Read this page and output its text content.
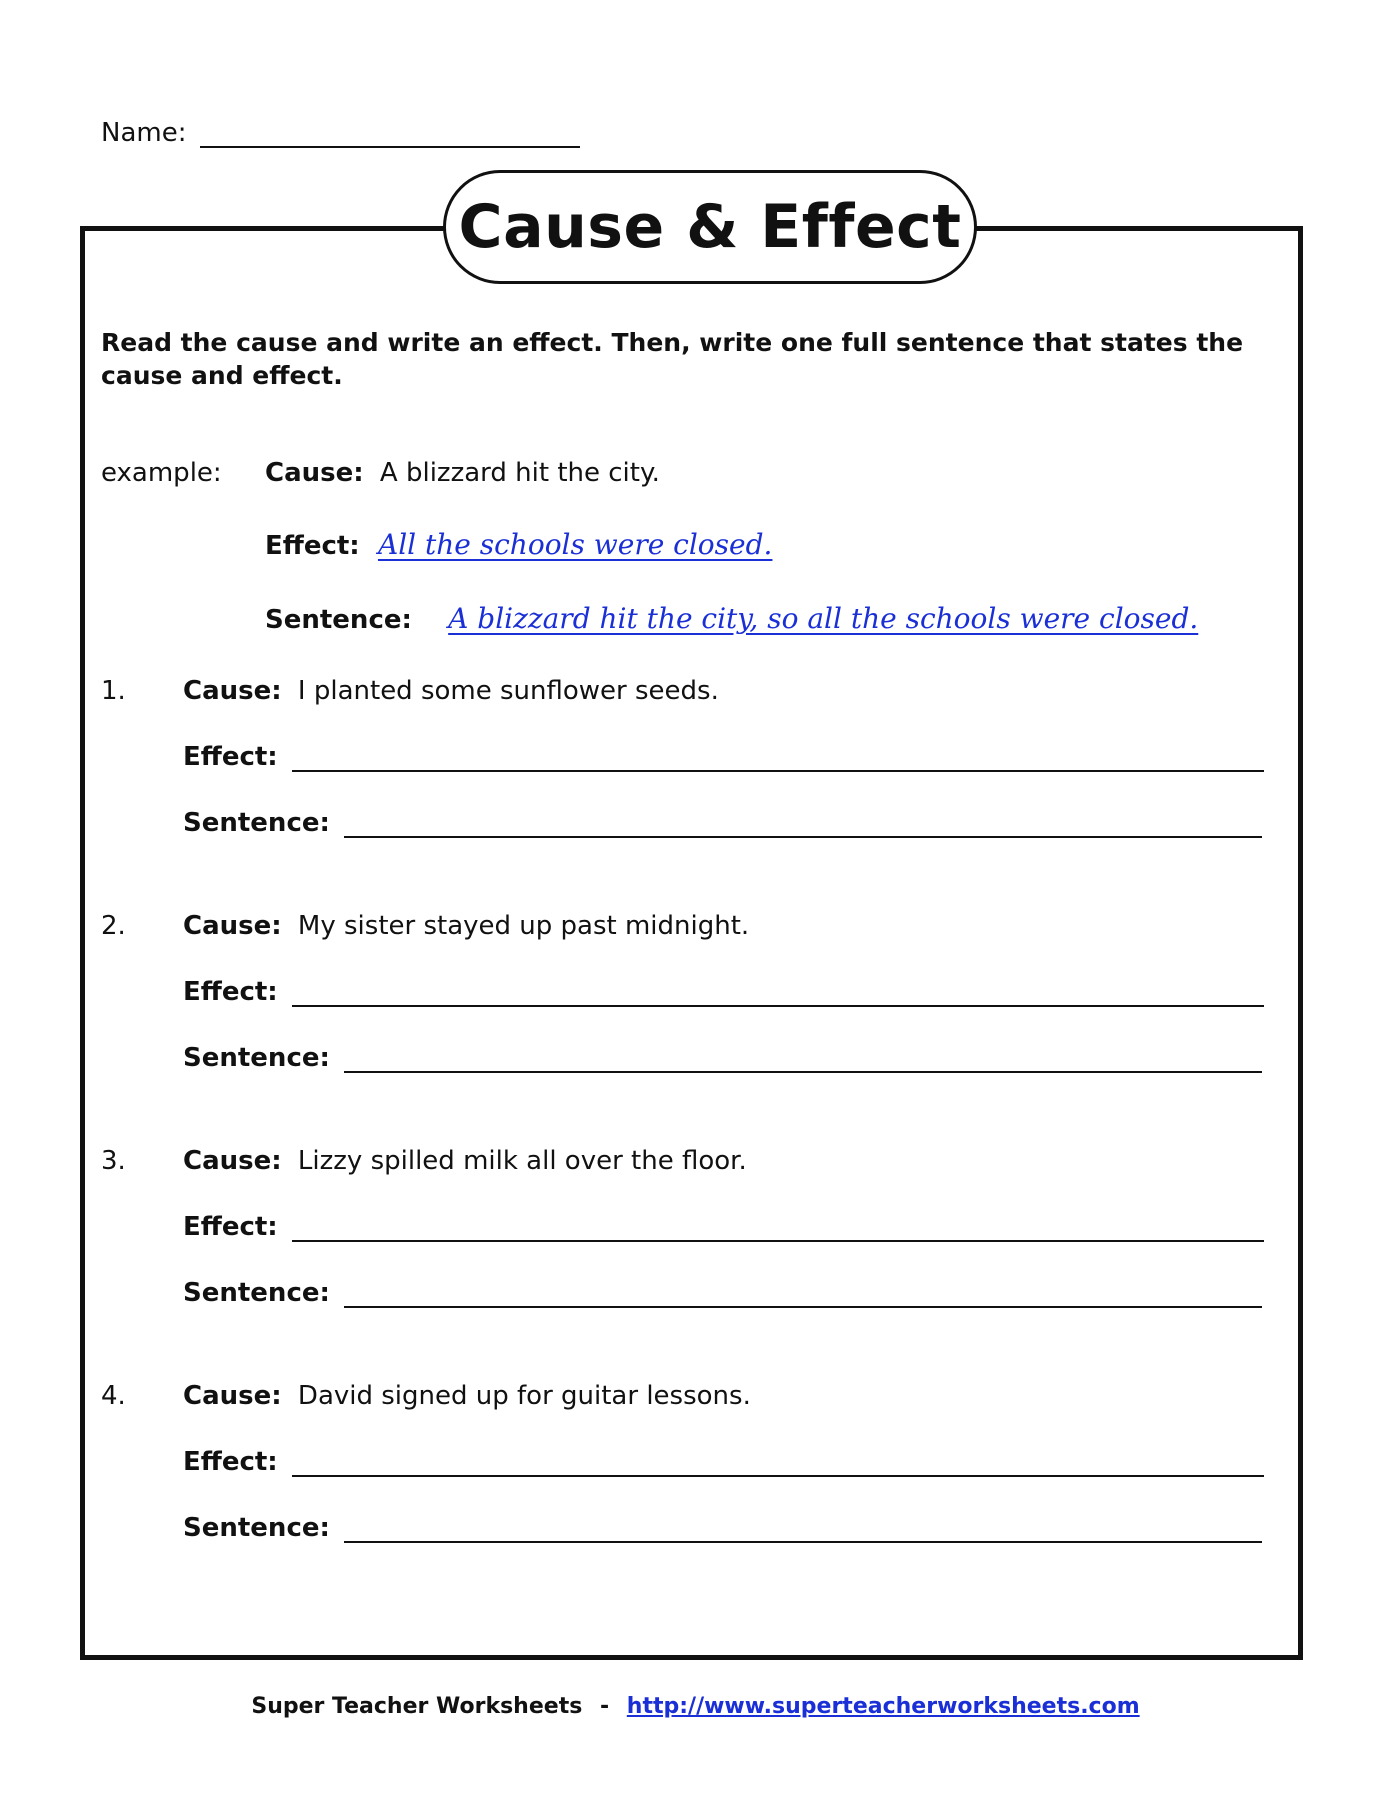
Name:
Cause & Effect
Read the cause and write an effect. Then, write one full sentence that states the cause and effect.
example: Cause: A blizzard hit the city.
Effect: All the schools were closed.
Sentence: A blizzard hit the city, so all the schools were closed.
1. Cause: I planted some sunflower seeds.
Effect:
Sentence:
2. Cause: My sister stayed up past midnight.
Effect:
Sentence:
3. Cause: Lizzy spilled milk all over the floor.
Effect:
Sentence:
4. Cause: David signed up for guitar lessons.
Effect:
Sentence:
Super Teacher Worksheets - http://www.superteacherworksheets.com
